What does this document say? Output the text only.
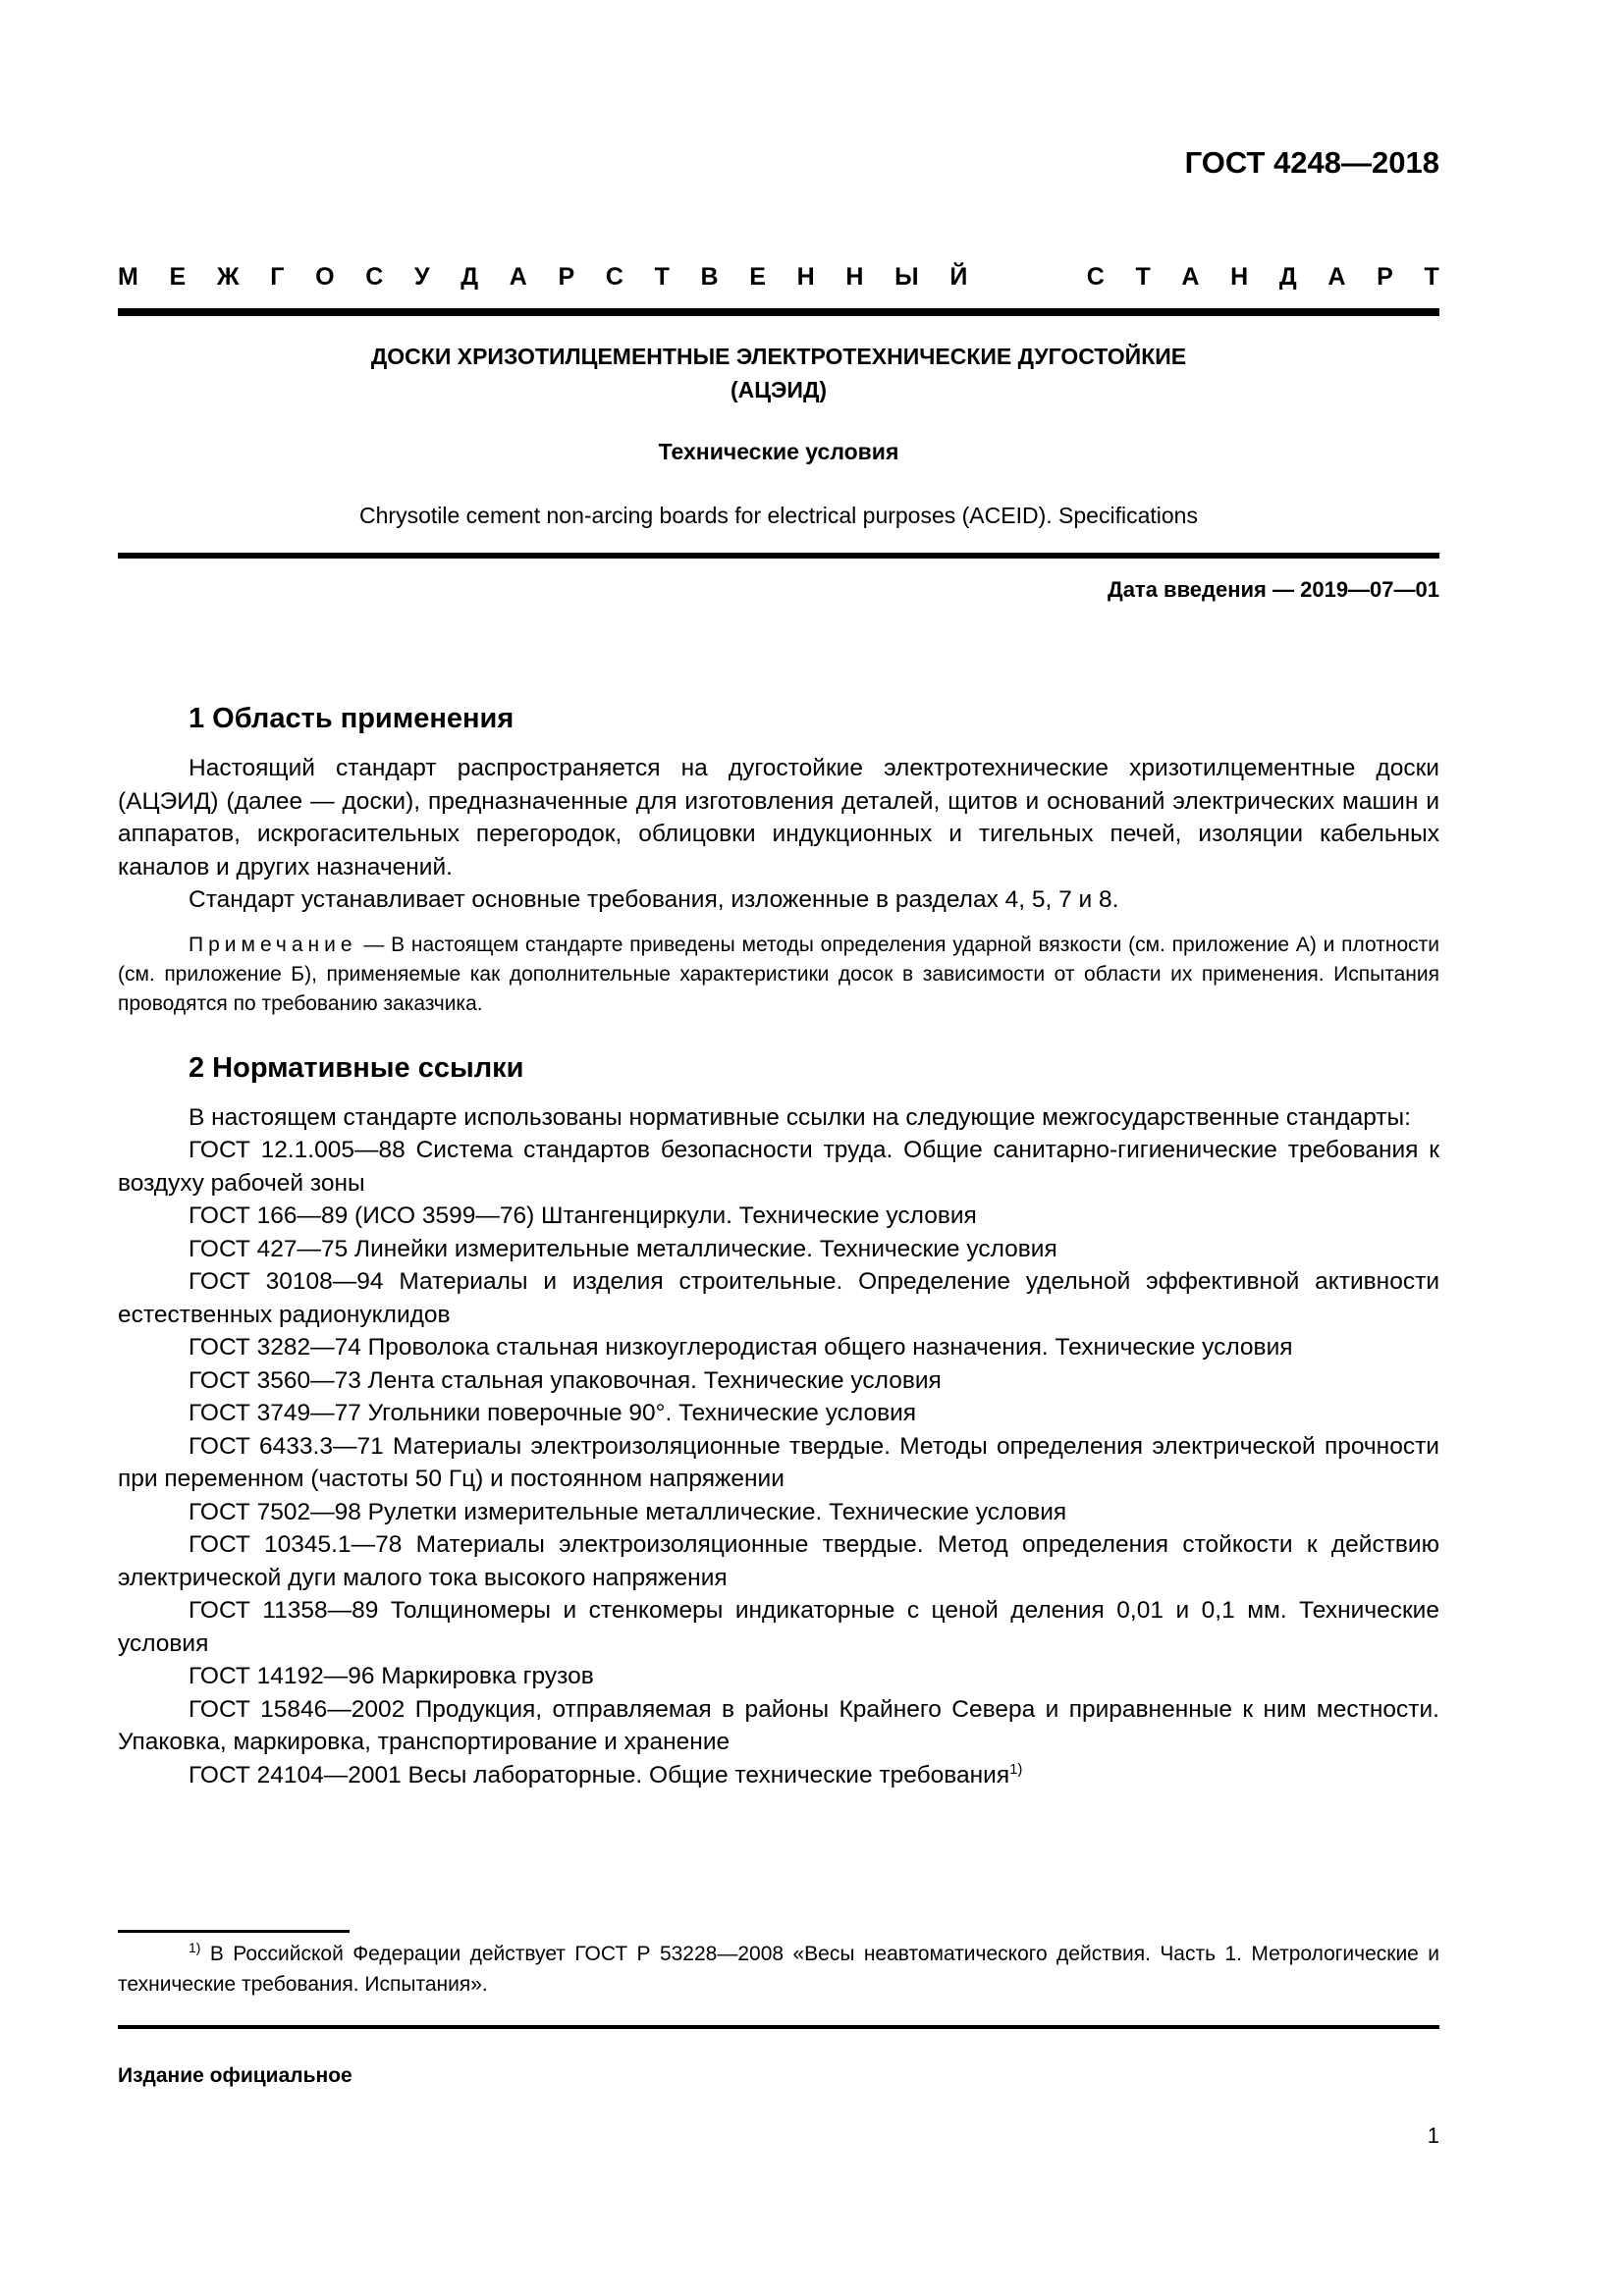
ГОСТ 4248—2018
М Е Ж Г О С У Д А Р С Т В Е Н Н Ы Й	С Т А Н Д А Р Т
ДОСКИ ХРИЗОТИЛЦЕМЕНТНЫЕ ЭЛЕКТРОТЕХНИЧЕСКИЕ ДУГОСТОЙКИЕ
(АЦЭИД)
Технические условия
Chrysotile cement non-arcing boards for electrical purposes (ACEID). Specifications
Дата введения — 2019—07—01
1 Область применения

Настоящий стандарт распространяется на дугостойкие электротехнические хризотилцементные доски (АЦЭИД) (далее — доски), предназначенные для изготовления деталей, щитов и оснований электрических машин и аппаратов, искрогасительных перегородок, облицовки индукционных и тигельных печей, изоляции кабельных каналов и других назначений.

Стандарт устанавливает основные требования, изложенные в разделах 4, 5, 7 и 8.

Примечание — В настоящем стандарте приведены методы определения ударной вязкости (см. приложение А) и плотности (см. приложение Б), применяемые как дополнительные характеристики досок в зависимости от области их применения. Испытания проводятся по требованию заказчика.
2 Нормативные ссылки

В настоящем стандарте использованы нормативные ссылки на следующие межгосударственные стандарты:

ГОСТ 12.1.005—88 Система стандартов безопасности труда. Общие санитарно-гигиенические требования к воздуху рабочей зоны

ГОСТ 166—89 (ИСО 3599—76) Штангенциркули. Технические условия

ГОСТ 427—75 Линейки измерительные металлические. Технические условия

ГОСТ 30108—94 Материалы и изделия строительные. Определение удельной эффективной активности естественных радионуклидов

ГОСТ 3282—74 Проволока стальная низкоуглеродистая общего назначения. Технические условия

ГОСТ 3560—73 Лента стальная упаковочная. Технические условия

ГОСТ 3749—77 Угольники поверочные 90°. Технические условия

ГОСТ 6433.3—71 Материалы электроизоляционные твердые. Методы определения электрической прочности при переменном (частоты 50 Гц) и постоянном напряжении

ГОСТ 7502—98 Рулетки измерительные металлические. Технические условия

ГОСТ 10345.1—78 Материалы электроизоляционные твердые. Метод определения стойкости к действию электрической дуги малого тока высокого напряжения

ГОСТ 11358—89 Толщиномеры и стенкомеры индикаторные с ценой деления 0,01 и 0,1 мм. Технические условия

ГОСТ 14192—96 Маркировка грузов

ГОСТ 15846—2002 Продукция, отправляемая в районы Крайнего Севера и приравненные к ним местности. Упаковка, маркировка, транспортирование и хранение

ГОСТ 24104—2001 Весы лабораторные. Общие технические требования$^{1)}$

$^{1)}$ В Российской Федерации действует ГОСТ Р 53228—2008 «Весы неавтоматического действия. Часть 1. Метрологические и технические требования. Испытания».
Издание официальное
1
